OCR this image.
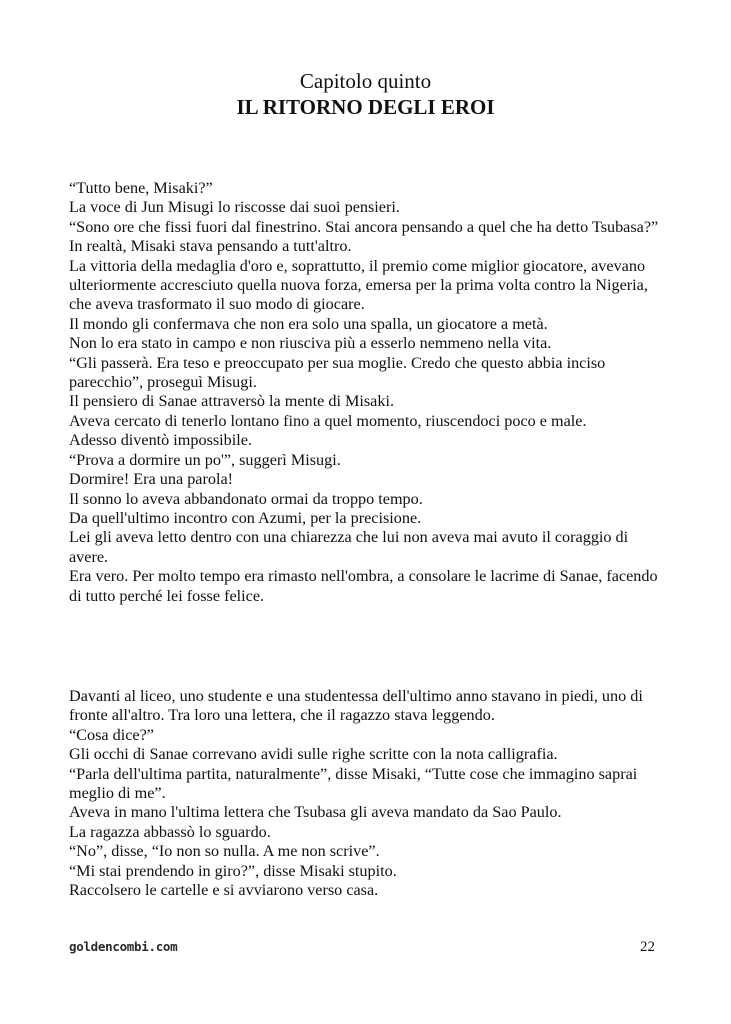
Capitolo quinto
IL RITORNO DEGLI EROI

“Tutto bene, Misaki?”

La voce di Jun Misugi lo riscosse dai suoi pensieri.

“Sono ore che fissi fuori dal finestrino. Stai ancora pensando a quel che ha detto Tsubasa?”

In realtà, Misaki stava pensando a tutt'altro.

La vittoria della medaglia d'oro e, soprattutto, il premio come miglior giocatore, avevano ulteriormente accresciuto quella nuova forza, emersa per la prima volta contro la Nigeria, che aveva trasformato il suo modo di giocare.

Il mondo gli confermava che non era solo una spalla, un giocatore a metà.

Non lo era stato in campo e non riusciva più a esserlo nemmeno nella vita.

“Gli passerà. Era teso e preoccupato per sua moglie. Credo che questo abbia inciso parecchio”, proseguì Misugi.

Il pensiero di Sanae attraversò la mente di Misaki.

Aveva cercato di tenerlo lontano fino a quel momento, riuscendoci poco e male.

Adesso diventò impossibile.

“Prova a dormire un po'”, suggerì Misugi.

Dormire! Era una parola!

Il sonno lo aveva abbandonato ormai da troppo tempo.

Da quell'ultimo incontro con Azumi, per la precisione.

Lei gli aveva letto dentro con una chiarezza che lui non aveva mai avuto il coraggio di avere.

Era vero. Per molto tempo era rimasto nell'ombra, a consolare le lacrime di Sanae, facendo di tutto perché lei fosse felice.

Davanti al liceo, uno studente e una studentessa dell'ultimo anno stavano in piedi, uno di fronte all'altro. Tra loro una lettera, che il ragazzo stava leggendo.

“Cosa dice?”

Gli occhi di Sanae correvano avidi sulle righe scritte con la nota calligrafia.

“Parla dell'ultima partita, naturalmente”, disse Misaki, “Tutte cose che immagino saprai meglio di me”.

Aveva in mano l'ultima lettera che Tsubasa gli aveva mandato da Sao Paulo.

La ragazza abbassò lo sguardo.

“No”, disse, “Io non so nulla. A me non scrive”.

“Mi stai prendendo in giro?”, disse Misaki stupito.

Raccolsero le cartelle e si avviarono verso casa.

goldencombi.com	22
